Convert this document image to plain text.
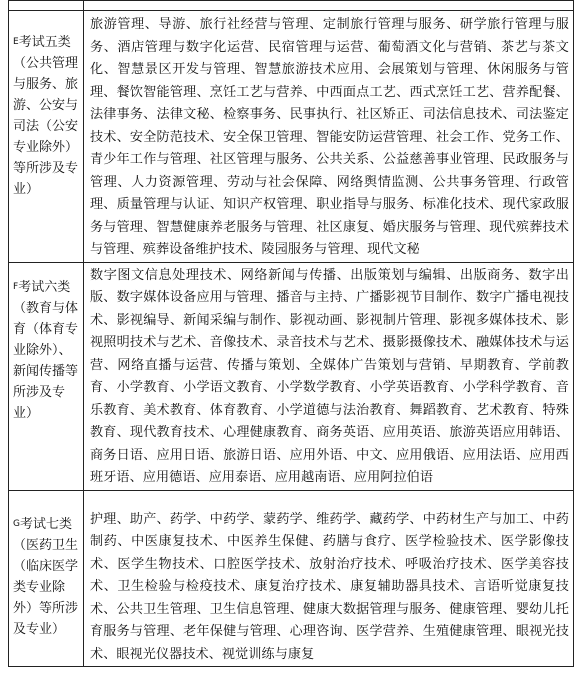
$^E$考试五类（公共管理与服务、旅游、公安与司法（公安专业除外）等所涉及专业）	旅游管理、导游、旅行社经营与管理、定制旅行管理与服务、研学旅行管理与服务、酒店管理与数字化运营、民宿管理与运营、葡萄酒文化与营销、茶艺与茶文化、智慧景区开发与管理、智慧旅游技术应用、会展策划与管理、休闲服务与管理、餐饮智能管理、烹饪工艺与营养、中西面点工艺、西式烹饪工艺、营养配餐、法律事务、法律文秘、检察事务、民事执行、社区矫正、司法信息技术、司法鉴定技术、安全防范技术、安全保卫管理、智能安防运营管理、社会工作、党务工作、青少年工作与管理、社区管理与服务、公共关系、公益慈善事业管理、民政服务与管理、人力资源管理、劳动与社会保障、网络舆情监测、公共事务管理、行政管理、质量管理与认证、知识产权管理、职业指导与服务、标准化技术、现代家政服务与管理、智慧健康养老服务与管理、社区康复、婚庆服务与管理、现代殡葬技术与管理、殡葬设备维护技术、陵园服务与管理、现代文秘
$^F$考试六类（教育与体育（体育专业除外）、新闻传播等所涉及专业）	数字图文信息处理技术、网络新闻与传播、出版策划与编辑、出版商务、数字出版、数字媒体设备应用与管理、播音与主持、广播影视节目制作、数字广播电视技术、影视编导、新闻采编与制作、影视动画、影视制片管理、影视多媒体技术、影视照明技术与艺术、音像技术、录音技术与艺术、摄影摄像技术、融媒体技术与运营、网络直播与运营、传播与策划、全媒体广告策划与营销、早期教育、学前教育、小学教育、小学语文教育、小学数学教育、小学英语教育、小学科学教育、音乐教育、美术教育、体育教育、小学道德与法治教育、舞蹈教育、艺术教育、特殊教育、现代教育技术、心理健康教育、商务英语、应用英语、旅游英语应用韩语、商务日语、应用日语、旅游日语、应用外语、中文、应用俄语、应用法语、应用西班牙语、应用德语、应用泰语、应用越南语、应用阿拉伯语
$^G$考试七类（医药卫生（临床医学类专业除外）等所涉及专业）	护理、助产、药学、中药学、蒙药学、维药学、藏药学、中药材生产与加工、中药制药、中医康复技术、中医养生保健、药膳与食疗、医学检验技术、医学影像技术、医学生物技术、口腔医学技术、放射治疗技术、呼吸治疗技术、医学美容技术、卫生检验与检疫技术、康复治疗技术、康复辅助器具技术、言语听觉康复技术、公共卫生管理、卫生信息管理、健康大数据管理与服务、健康管理、婴幼儿托育服务与管理、老年保健与管理、心理咨询、医学营养、生殖健康管理、眼视光技术、眼视光仪器技术、视觉训练与康复
